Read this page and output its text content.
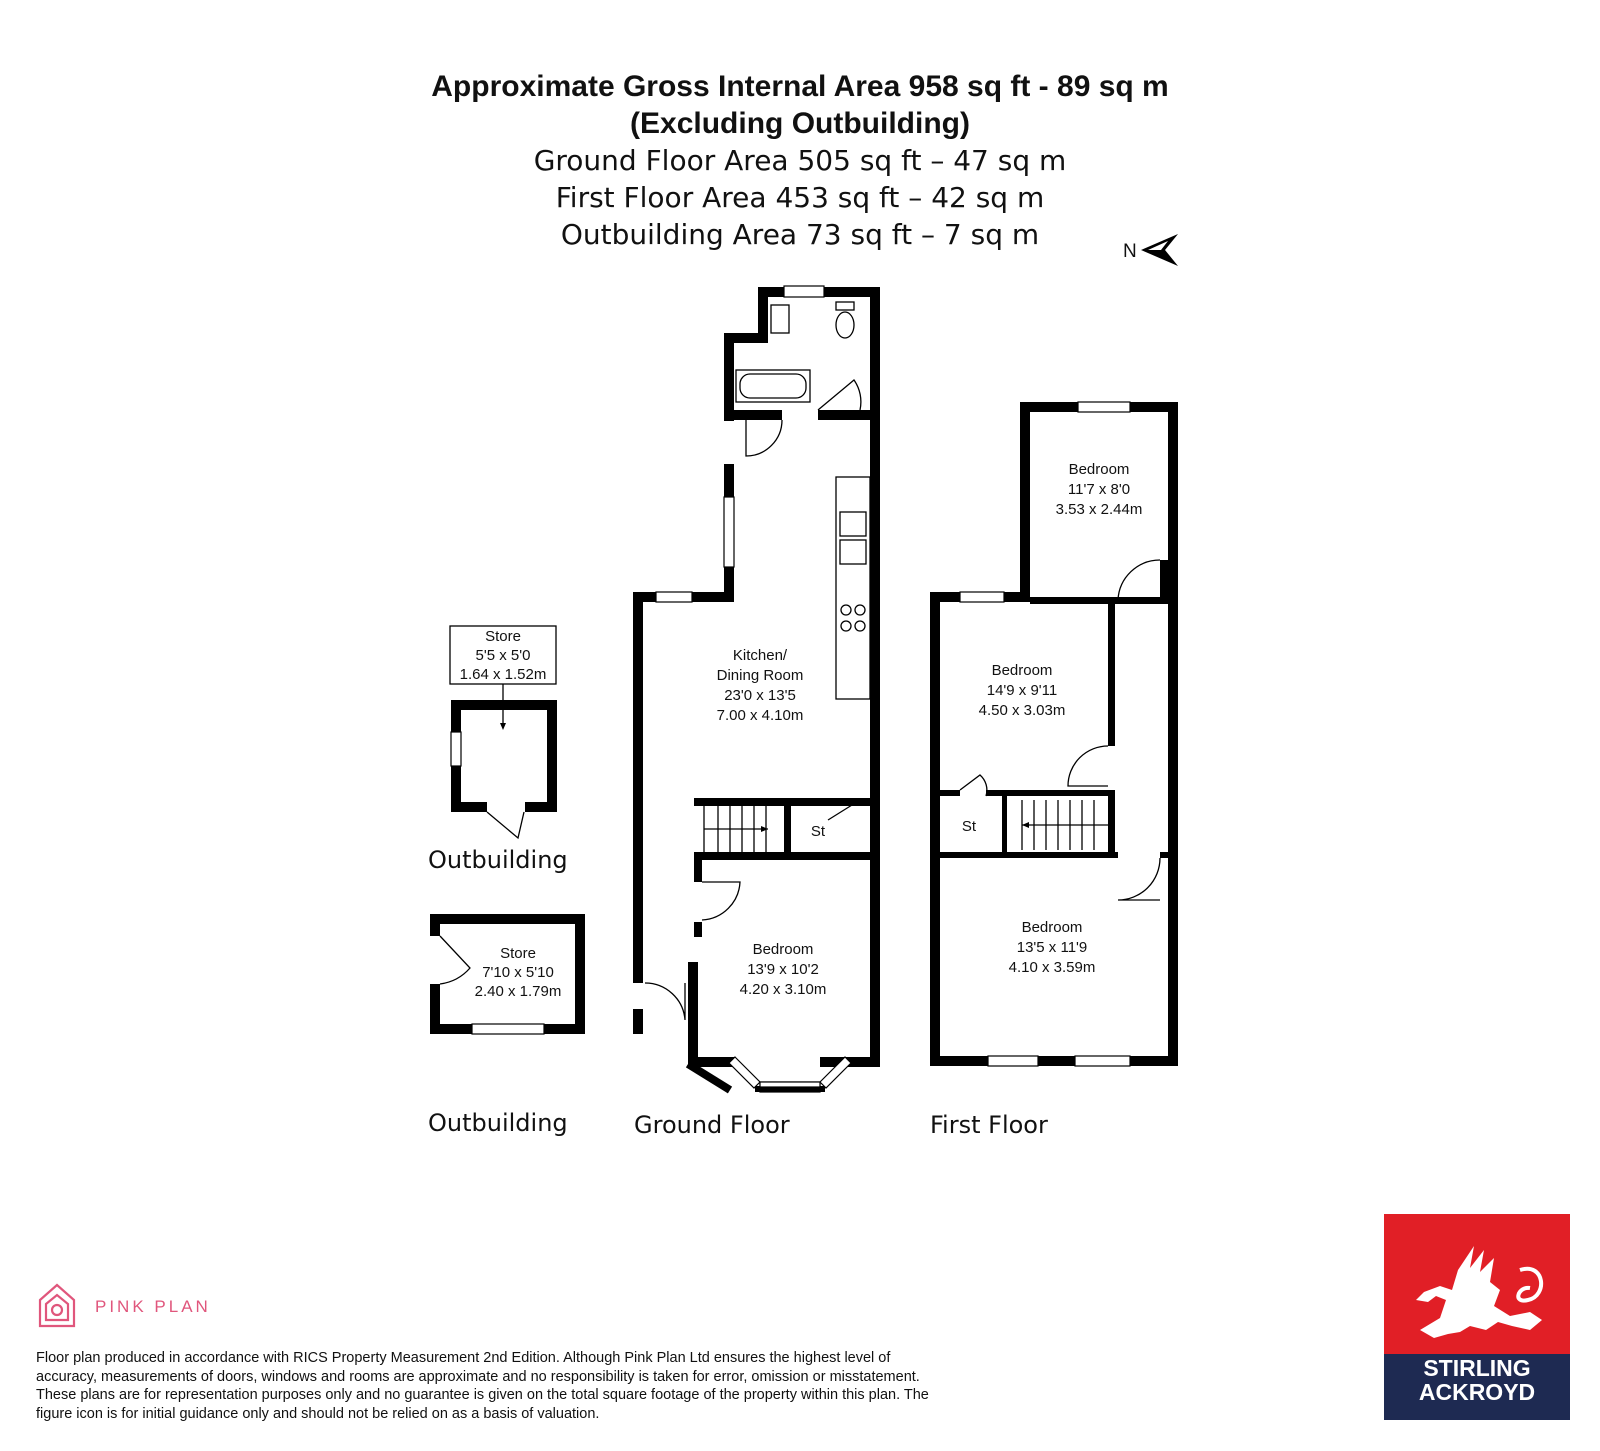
Approximate Gross Internal Area 958 sq ft - 89 sq m
(Excluding Outbuilding)
Ground Floor Area 505 sq ft – 47 sq m
First Floor Area 453 sq ft – 42 sq m
Outbuilding Area 73 sq ft – 7 sq m
N
Kitchen/
Dining Room
23'0 x 13'5
7.00 x 4.10m
St
Bedroom
13'9 x 10'2
4.20 x 3.10m
Bedroom
11'7 x 8'0
3.53 x 2.44m
Bedroom
14'9 x 9'11
4.50 x 3.03m
St
Bedroom
13'5 x 11'9
4.10 x 3.59m
Store
5'5 x 5'0
1.64 x 1.52m
Store
7'10 x 5'10
2.40 x 1.79m
Outbuilding
Outbuilding	Ground Floor	First Floor
PINK PLAN
STIRLING
ACKROYD
Floor plan produced in accordance with RICS Property Measurement 2nd Edition. Although Pink Plan Ltd ensures the highest level of accuracy, measurements of doors, windows and rooms are approximate and no responsibility is taken for error, omission or misstatement. These plans are for representation purposes only and no guarantee is given on the total square footage of the property within this plan. The figure icon is for initial guidance only and should not be relied on as a basis of valuation.
